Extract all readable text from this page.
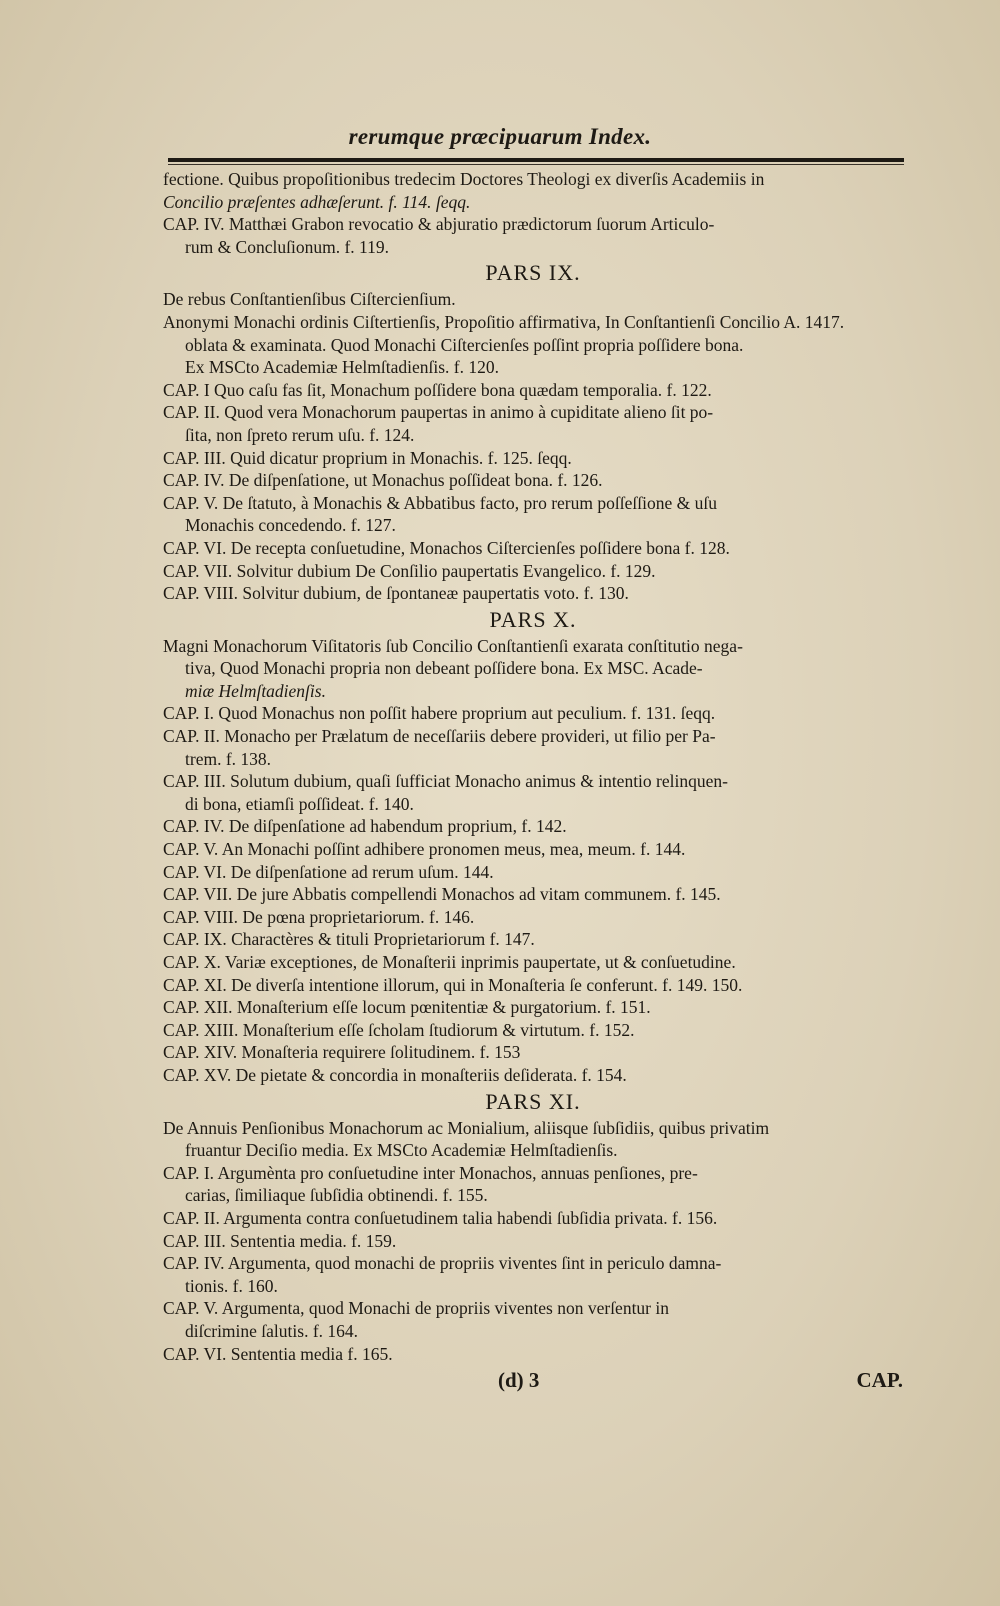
rerumque præcipuarum Index.
fectione. Quibus propoſitionibus tredecim Doctores Theologi ex diverſis Academiis in
Concilio præſentes adhæſerunt. f. 114. ſeqq.
CAP. IV. Matthæi Grabon revocatio & abjuratio prædictorum ſuorum Articulo-
rum & Concluſionum. f. 119.
PARS IX.
De rebus Conſtantienſibus Ciſtercienſium.
Anonymi Monachi ordinis Ciſtertienſis, Propoſitio affirmativa, In Conſtantienſi Concilio A. 1417.
oblata & examinata. Quod Monachi Ciſtercienſes poſſint propria poſſidere bona.
Ex MSCto Academiæ Helmſtadienſis. f. 120.
CAP. I Quo caſu fas ſit, Monachum poſſidere bona quædam temporalia. f. 122.
CAP. II. Quod vera Monachorum paupertas in animo à cupiditate alieno ſit po-
ſita, non ſpreto rerum uſu. f. 124.
CAP. III. Quid dicatur proprium in Monachis. f. 125. ſeqq.
CAP. IV. De diſpenſatione, ut Monachus poſſideat bona. f. 126.
CAP. V. De ſtatuto, à Monachis & Abbatibus facto, pro rerum poſſeſſione & uſu
Monachis concedendo. f. 127.
CAP. VI. De recepta conſuetudine, Monachos Ciſtercienſes poſſidere bona f. 128.
CAP. VII. Solvitur dubium De Conſilio paupertatis Evangelico. f. 129.
CAP. VIII. Solvitur dubium, de ſpontaneæ paupertatis voto. f. 130.
PARS X.
Magni Monachorum Viſitatoris ſub Concilio Conſtantienſi exarata conſtitutio nega-
tiva, Quod Monachi propria non debeant poſſidere bona. Ex MSC. Acade-
miæ Helmſtadienſis.
CAP. I. Quod Monachus non poſſit habere proprium aut peculium. f. 131. ſeqq.
CAP. II. Monacho per Prælatum de neceſſariis debere provideri, ut filio per Pa-
trem. f. 138.
CAP. III. Solutum dubium, quaſi ſufficiat Monacho animus & intentio relinquen-
di bona, etiamſi poſſideat. f. 140.
CAP. IV. De diſpenſatione ad habendum proprium, f. 142.
CAP. V. An Monachi poſſint adhibere pronomen meus, mea, meum. f. 144.
CAP. VI. De diſpenſatione ad rerum uſum. 144.
CAP. VII. De jure Abbatis compellendi Monachos ad vitam communem. f. 145.
CAP. VIII. De pœna proprietariorum. f. 146.
CAP. IX. Charactères & tituli Proprietariorum f. 147.
CAP. X. Variæ exceptiones, de Monaſterii inprimis paupertate, ut & conſuetudine.
CAP. XI. De diverſa intentione illorum, qui in Monaſteria ſe conferunt. f. 149. 150.
CAP. XII. Monaſterium eſſe locum pœnitentiæ & purgatorium. f. 151.
CAP. XIII. Monaſterium eſſe ſcholam ſtudiorum & virtutum. f. 152.
CAP. XIV. Monaſteria requirere ſolitudinem. f. 153
CAP. XV. De pietate & concordia in monaſteriis deſiderata. f. 154.
PARS XI.
De Annuis Penſionibus Monachorum ac Monialium, aliisque ſubſidiis, quibus privatim
fruantur Deciſio media. Ex MSCto Academiæ Helmſtadienſis.
CAP. I. Argumènta pro conſuetudine inter Monachos, annuas penſiones, pre-
carias, ſimiliaque ſubſidia obtinendi. f. 155.
CAP. II. Argumenta contra conſuetudinem talia habendi ſubſidia privata. f. 156.
CAP. III. Sententia media. f. 159.
CAP. IV. Argumenta, quod monachi de propriis viventes ſint in periculo damna-
tionis. f. 160.
CAP. V. Argumenta, quod Monachi de propriis viventes non verſentur in
diſcrimine ſalutis. f. 164.
CAP. VI. Sententia media f. 165.
(d) 3	CAP.
